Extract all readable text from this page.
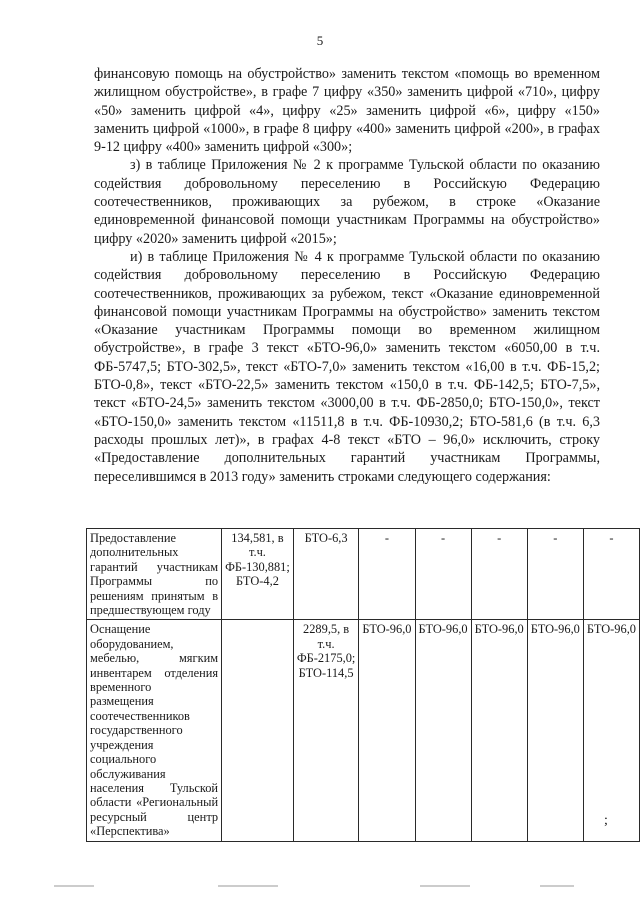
5

финансовую помощь на обустройство» заменить текстом «помощь во временном жилищном обустройстве», в графе 7 цифру «350» заменить цифрой «710», цифру «50» заменить цифрой «4», цифру «25» заменить цифрой «6», цифру «150» заменить цифрой «1000», в графе 8 цифру «400» заменить цифрой «200», в графах 9-12 цифру «400» заменить цифрой «300»;

з) в таблице Приложения № 2 к программе Тульской области по оказанию содействия добровольному переселению в Российскую Федерацию соотечественников, проживающих за рубежом, в строке «Оказание единовременной финансовой помощи участникам Программы на обустройство» цифру «2020» заменить цифрой «2015»;

и) в таблице Приложения № 4 к программе Тульской области по оказанию содействия добровольному переселению в Российскую Федерацию соотечественников, проживающих за рубежом, текст «Оказание единовременной финансовой помощи участникам Программы на обустройство» заменить текстом «Оказание участникам Программы помощи во временном жилищном обустройстве», в графе 3 текст «БТО-96,0» заменить текстом «6050,00 в т.ч. ФБ-5747,5; БТО-302,5», текст «БТО-7,0» заменить текстом «16,00 в т.ч. ФБ-15,2; БТО-0,8», текст «БТО-22,5» заменить текстом «150,0 в т.ч. ФБ-142,5; БТО-7,5», текст «БТО-24,5» заменить текстом «3000,00 в т.ч. ФБ-2850,0; БТО-150,0», текст «БТО-150,0» заменить текстом «11511,8 в т.ч. ФБ-10930,2; БТО-581,6 (в т.ч. 6,3 расходы прошлых лет)», в графах 4-8 текст «БТО – 96,0» исключить, строку «Предоставление дополнительных гарантий участникам Программы, переселившимся в 2013 году» заменить строками следующего содержания:

Предоставление дополнительных гарантий участникам Программы по решениям принятым в предшествующем году	134,581, в т.ч. ФБ-130,881; БТО-4,2	БТО-6,3	-	-	-	-	-
Оснащение оборудованием, мебелью, мягким инвентарем отделения временного размещения соотечественников государственного учреждения социального обслуживания населения Тульской области «Региональный ресурсный центр «Перспектива»		2289,5, в т.ч. ФБ-2175,0; БТО-114,5	БТО-96,0	БТО-96,0	БТО-96,0	БТО-96,0	БТО-96,0
;
